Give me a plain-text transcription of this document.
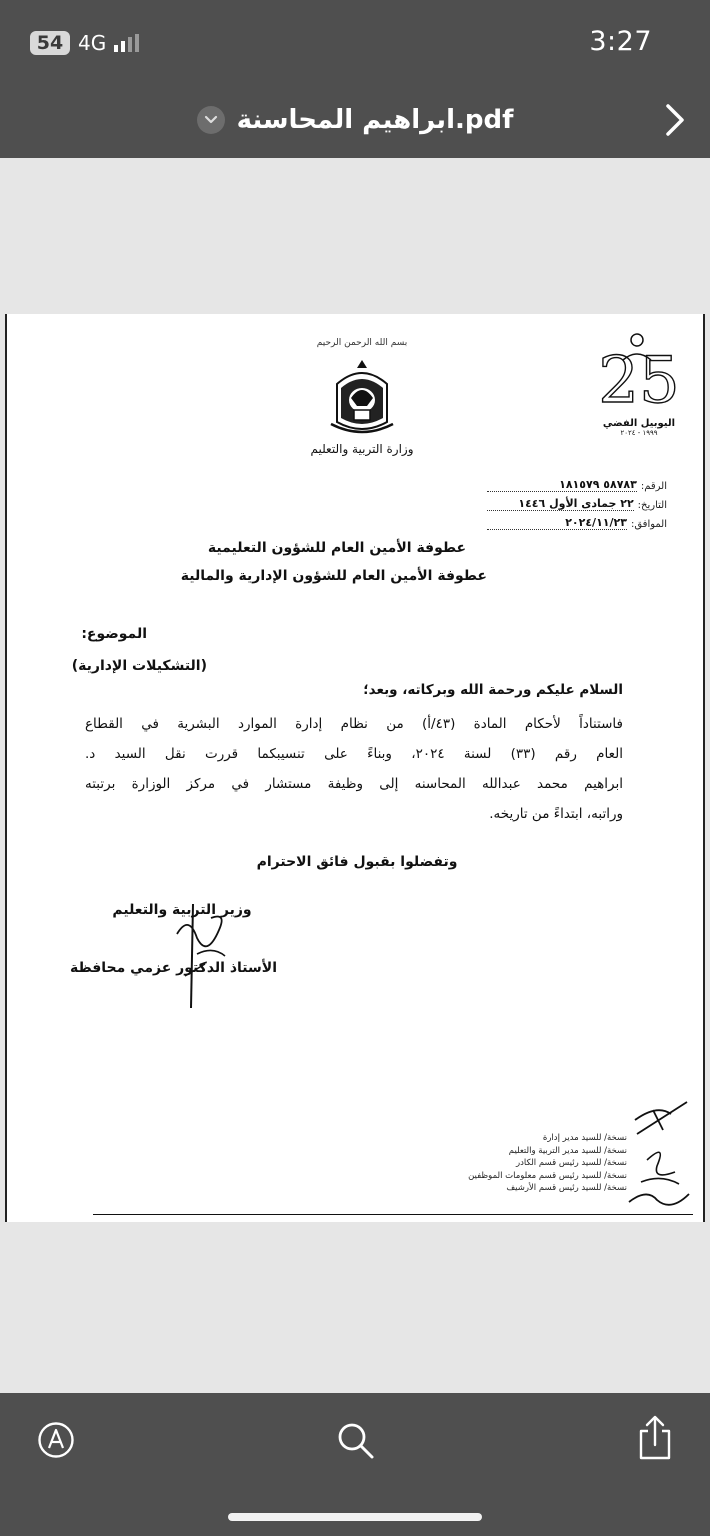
54 4G	3:27
ابراهيم المحاسنة.pdf
بسم الله الرحمن الرحيم
وزارة التربية والتعليم
25
اليوبيل الفضي
١٩٩٩ - ٢٠٢٤
الرقم:
٥٨٧٨٣ ١٨١٥٧٩
التاريخ:
٢٢ جمادى الأول ١٤٤٦
الموافق:
٢٠٢٤/١١/٢٣
عطوفة الأمين العام للشؤون التعليمية
عطوفة الأمين العام للشؤون الإدارية والمالية
الموضوع:
(التشكيلات الإدارية)
السلام عليكم ورحمة الله وبركاته، وبعد؛
فاستناداً لأحكام المادة (٤٣/أ) من نظام إدارة الموارد البشرية في القطاع
العام رقم (٣٣) لسنة ٢٠٢٤، وبناءً على تنسيبكما قررت نقل السيد د.
ابراهيم محمد عبدالله المحاسنه إلى وظيفة مستشار في مركز الوزارة برتبته
وراتبه، ابتداءً من تاريخه.
وتفضلوا بقبول فائق الاحترام
وزير التربية والتعليم
الأستاذ الدكتور عزمي محافظة
نسخة/ للسيد مدير إدارة
نسخة/ للسيد مدير التربية والتعليم
نسخة/ للسيد رئيس قسم الكادر
نسخة/ للسيد رئيس قسم معلومات الموظفين
نسخة/ للسيد رئيس قسم الأرشيف
